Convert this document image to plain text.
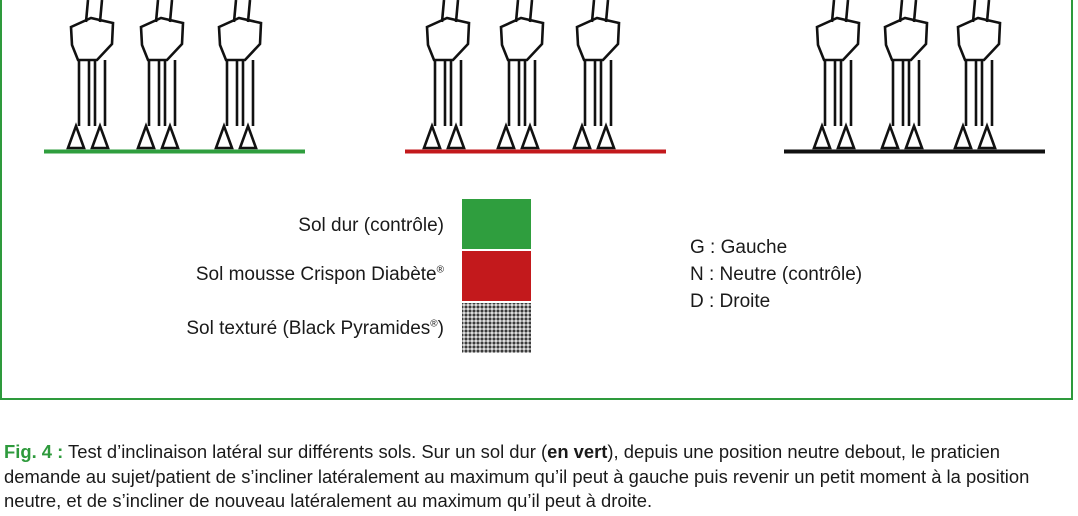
Sol dur (contrôle)
Sol mousse Crispon Diabète®
Sol texturé (Black Pyramides®)
G : Gauche
N : Neutre (contrôle)
D : Droite
Fig. 4 : Test d’inclinaison latéral sur différents sols. Sur un sol dur (en vert), depuis une position neutre debout, le praticien demande au sujet/patient de s’incliner latéralement au maximum qu’il peut à gauche puis revenir un petit moment à la position neutre, et de s’incliner de nouveau latéralement au maximum qu’il peut à droite.
